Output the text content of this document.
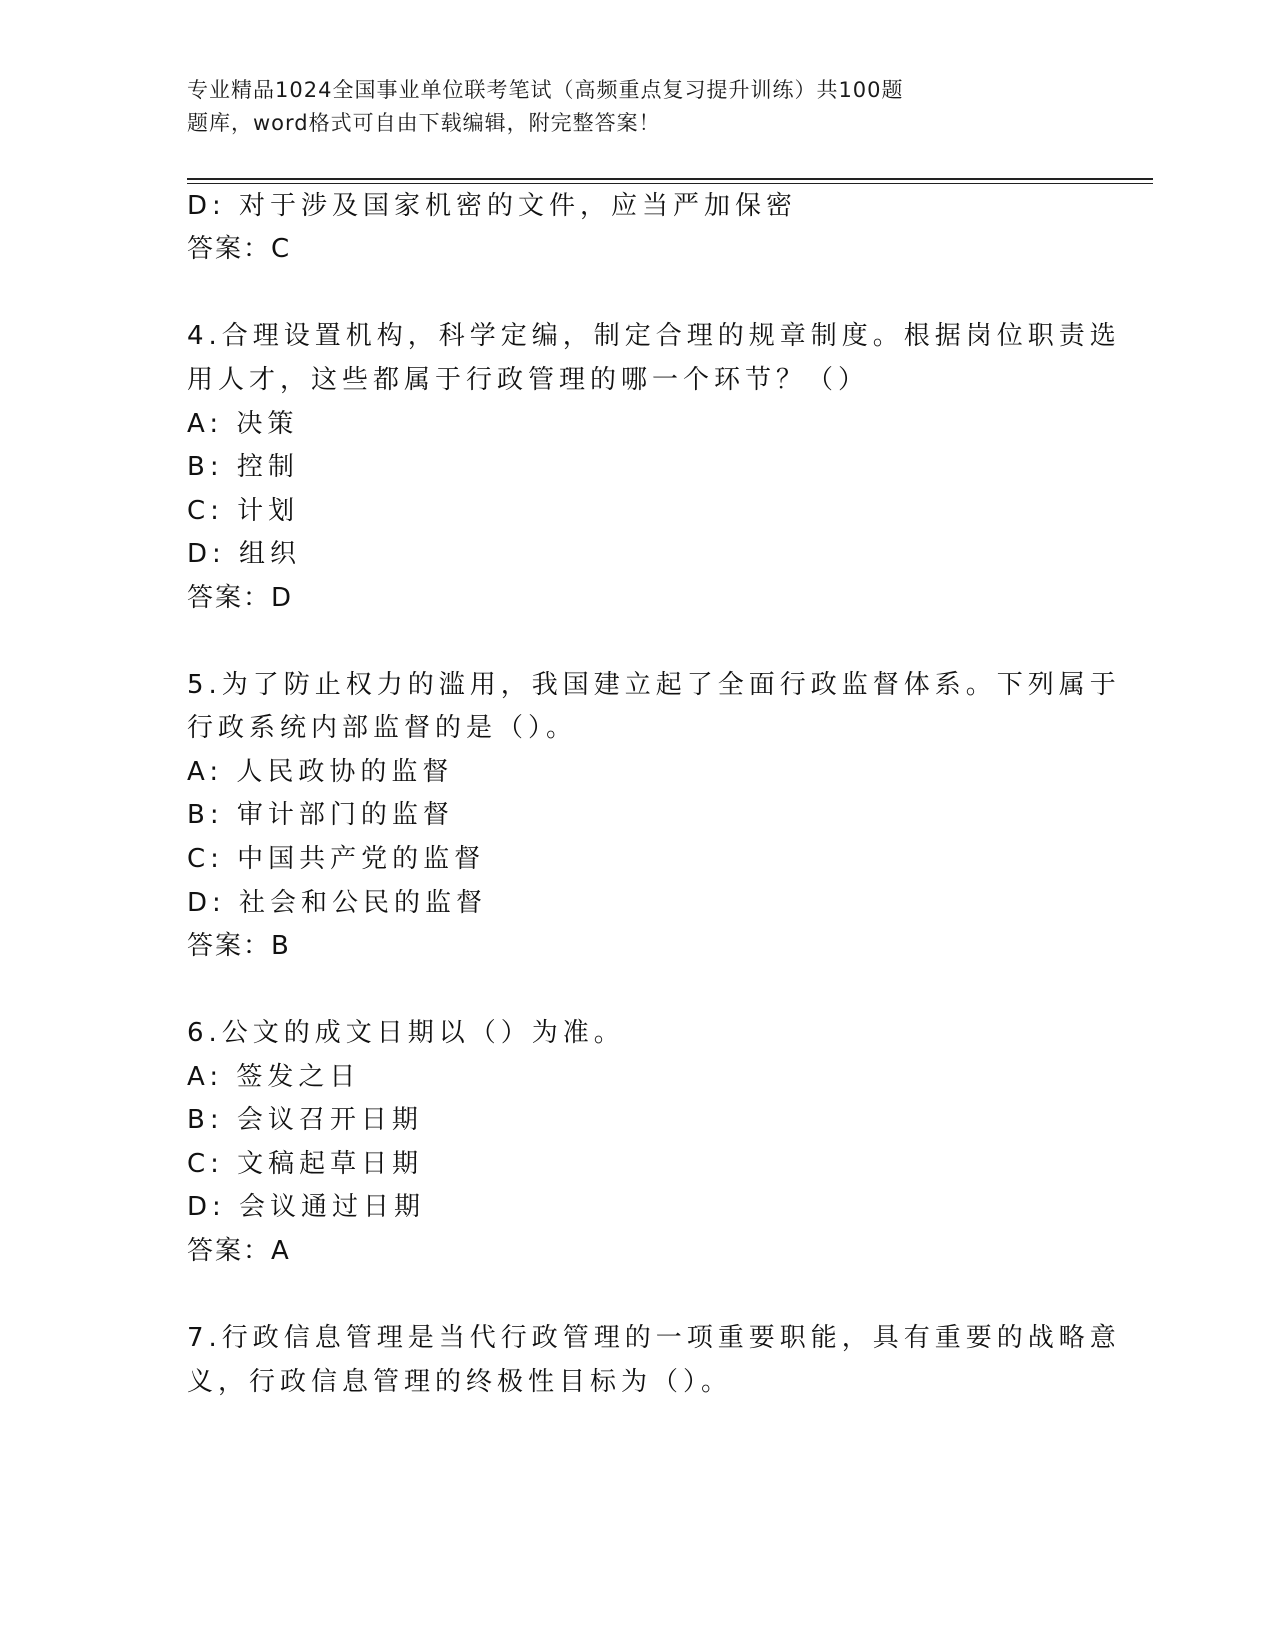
专业精品1024全国事业单位联考笔试（高频重点复习提升训练）共100题

题库，word格式可自由下载编辑，附完整答案！

D: 对于涉及国家机密的文件，应当严加保密
答案：C
4.合理设置机构，科学定编，制定合理的规章制度。根据岗位职责选
用人才，这些都属于行政管理的哪一个环节？（）
A: 决策
B: 控制
C: 计划
D: 组织
答案：D
5.为了防止权力的滥用，我国建立起了全面行政监督体系。下列属于
行政系统内部监督的是（）。
A: 人民政协的监督
B: 审计部门的监督
C: 中国共产党的监督
D: 社会和公民的监督
答案：B
6.公文的成文日期以（）为准。
A: 签发之日
B: 会议召开日期
C: 文稿起草日期
D: 会议通过日期
答案：A
7.行政信息管理是当代行政管理的一项重要职能，具有重要的战略意
义，行政信息管理的终极性目标为（）。
